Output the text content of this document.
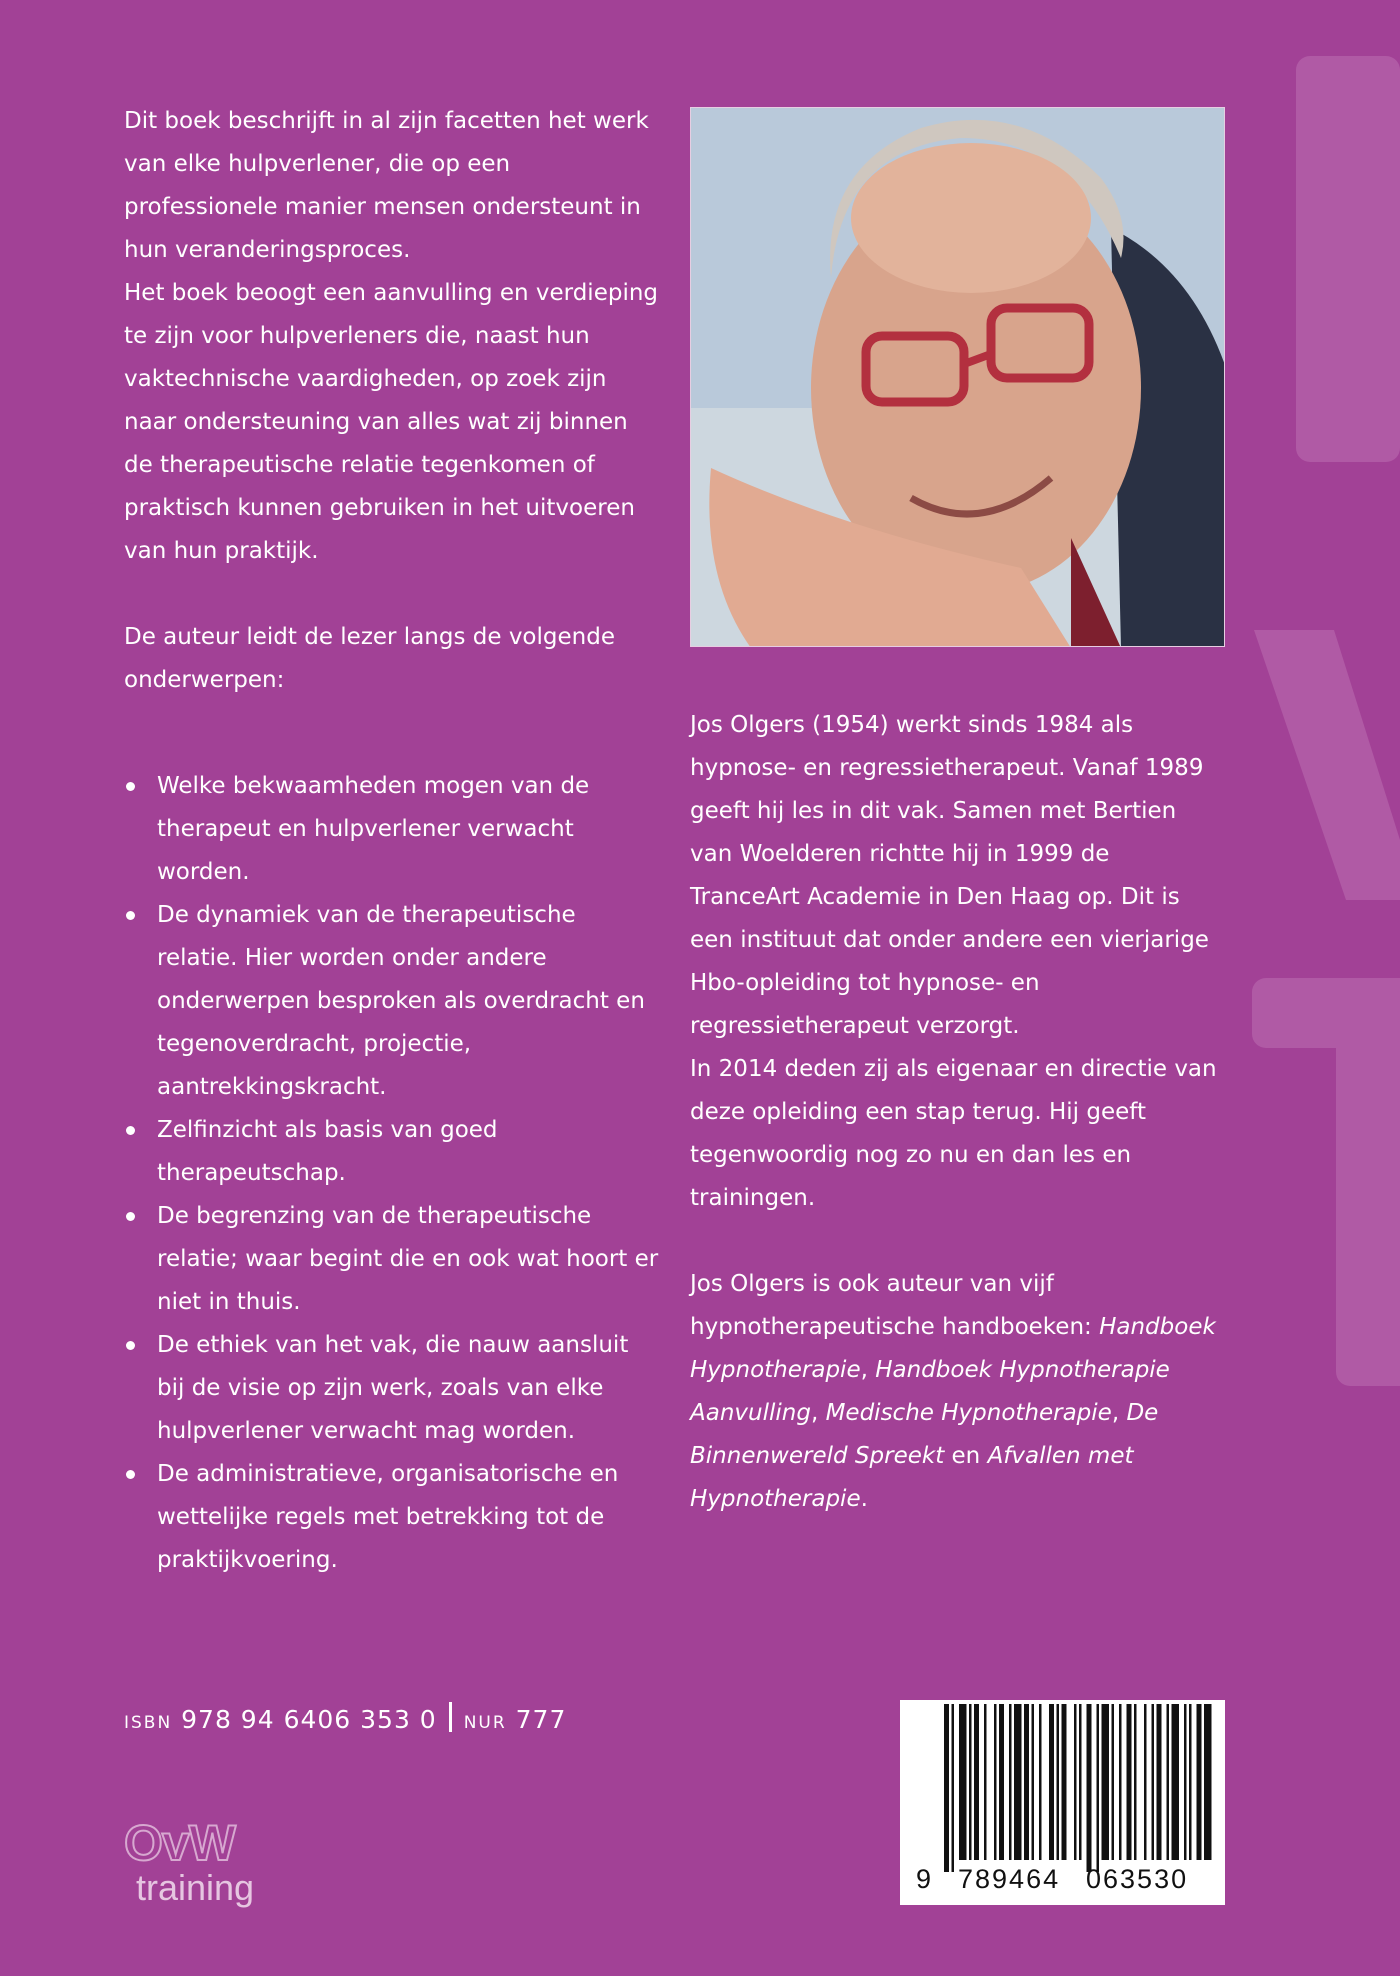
Dit boek beschrijft in al zijn facetten het werk van elke hulpverlener, die op een professionele manier mensen ondersteunt in hun veranderingsproces.

Het boek beoogt een aanvulling en verdieping te zijn voor hulpverleners die, naast hun vaktechnische vaardigheden, op zoek zijn naar ondersteuning van alles wat zij binnen de therapeutische relatie tegenkomen of praktisch kunnen gebruiken in het uitvoeren van hun praktijk.

De auteur leidt de lezer langs de volgende onderwerpen:

Welke bekwaamheden mogen van de therapeut en hulpverlener verwacht worden.
De dynamiek van de therapeutische relatie. Hier worden onder andere onderwerpen besproken als overdracht en tegenoverdracht, projectie, aantrekkingskracht.
Zelfinzicht als basis van goed therapeutschap.
De begrenzing van de therapeutische relatie; waar begint die en ook wat hoort er niet in thuis.
De ethiek van het vak, die nauw aansluit bij de visie op zijn werk, zoals van elke hulpverlener verwacht mag worden.
De administratieve, organisatorische en wettelijke regels met betrekking tot de praktijkvoering.

Jos Olgers (1954) werkt sinds 1984 als hypnose- en regressietherapeut. Vanaf 1989 geeft hij les in dit vak. Samen met Bertien van Woelderen richtte hij in 1999 de TranceArt Academie in Den Haag op. Dit is een instituut dat onder andere een vierjarige Hbo-opleiding tot hypnose- en regressietherapeut verzorgt.

In 2014 deden zij als eigenaar en directie van deze opleiding een stap terug. Hij geeft tegenwoordig nog zo nu en dan les en trainingen.

Jos Olgers is ook auteur van vijf hypnotherapeutische handboeken: Handboek Hypnotherapie, Handboek Hypnotherapie Aanvulling, Medische Hypnotherapie, De Binnenwereld Spreekt en Afvallen met Hypnotherapie.

ISBN 978 94 6406 353 0 NUR 777
9 789464 063530
OvW
training
